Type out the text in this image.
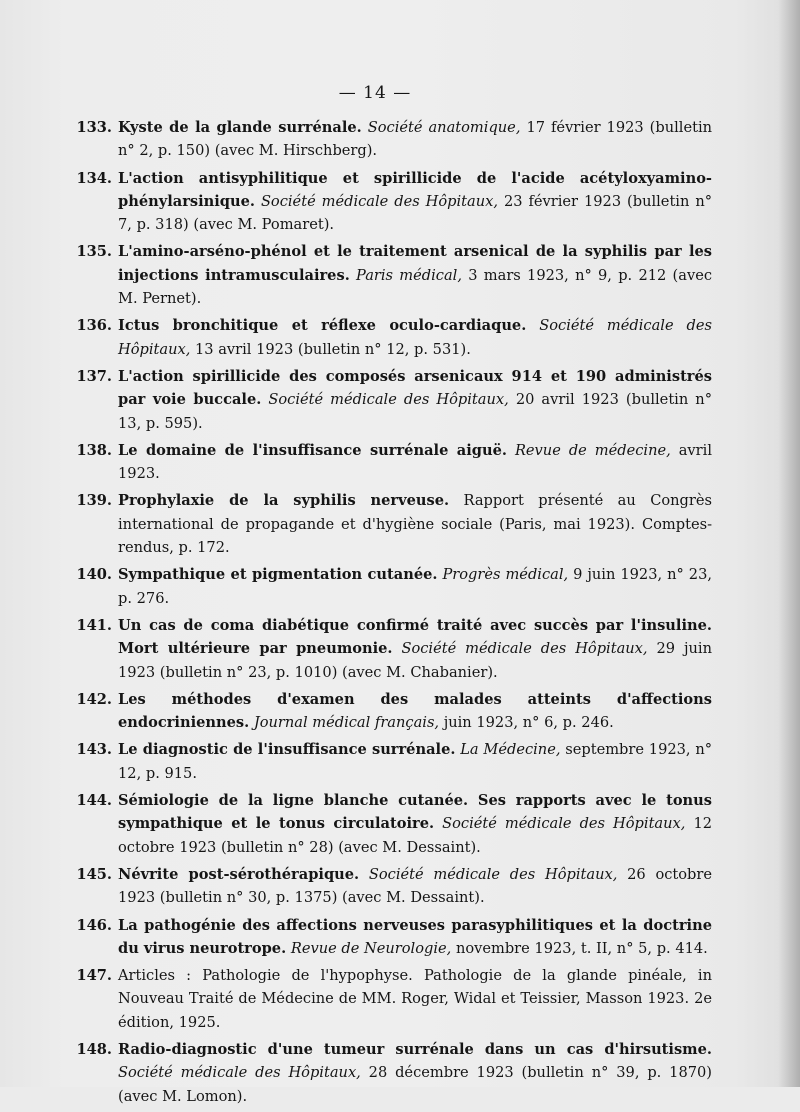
— 14 —
133. Kyste de la glande surrénale. Société anatomique, 17 février 1923 (bulletin n° 2, p. 150) (avec M. Hirschberg).
134. L'action antisyphilitique et spirillicide de l'acide acétyloxyamino-phénylarsinique. Société médicale des Hôpitaux, 23 février 1923 (bulletin n° 7, p. 318) (avec M. Pomaret).
135. L'amino-arséno-phénol et le traitement arsenical de la syphilis par les injections intramusculaires. Paris médical, 3 mars 1923, n° 9, p. 212 (avec M. Pernet).
136. Ictus bronchitique et réflexe oculo-cardiaque. Société médicale des Hôpitaux, 13 avril 1923 (bulletin n° 12, p. 531).
137. L'action spirillicide des composés arsenicaux 914 et 190 administrés par voie buccale. Société médicale des Hôpitaux, 20 avril 1923 (bulletin n° 13, p. 595).
138. Le domaine de l'insuffisance surrénale aiguë. Revue de médecine, avril 1923.
139. Prophylaxie de la syphilis nerveuse. Rapport présenté au Congrès international de propagande et d'hygiène sociale (Paris, mai 1923). Comptes-rendus, p. 172.
140. Sympathique et pigmentation cutanée. Progrès médical, 9 juin 1923, n° 23, p. 276.
141. Un cas de coma diabétique confirmé traité avec succès par l'insuline. Mort ultérieure par pneumonie. Société médicale des Hôpitaux, 29 juin 1923 (bulletin n° 23, p. 1010) (avec M. Chabanier).
142. Les méthodes d'examen des malades atteints d'affections endocriniennes. Journal médical français, juin 1923, n° 6, p. 246.
143. Le diagnostic de l'insuffisance surrénale. La Médecine, septembre 1923, n° 12, p. 915.
144. Sémiologie de la ligne blanche cutanée. Ses rapports avec le tonus sympathique et le tonus circulatoire. Société médicale des Hôpitaux, 12 octobre 1923 (bulletin n° 28) (avec M. Dessaint).
145. Névrite post-sérothérapique. Société médicale des Hôpitaux, 26 octobre 1923 (bulletin n° 30, p. 1375) (avec M. Dessaint).
146. La pathogénie des affections nerveuses parasyphilitiques et la doctrine du virus neurotrope. Revue de Neurologie, novembre 1923, t. II, n° 5, p. 414.
147. Articles : Pathologie de l'hypophyse. Pathologie de la glande pinéale, in Nouveau Traité de Médecine de MM. Roger, Widal et Teissier, Masson 1923. 2e édition, 1925.
148. Radio-diagnostic d'une tumeur surrénale dans un cas d'hirsutisme. Société médicale des Hôpitaux, 28 décembre 1923 (bulletin n° 39, p. 1870) (avec M. Lomon).
